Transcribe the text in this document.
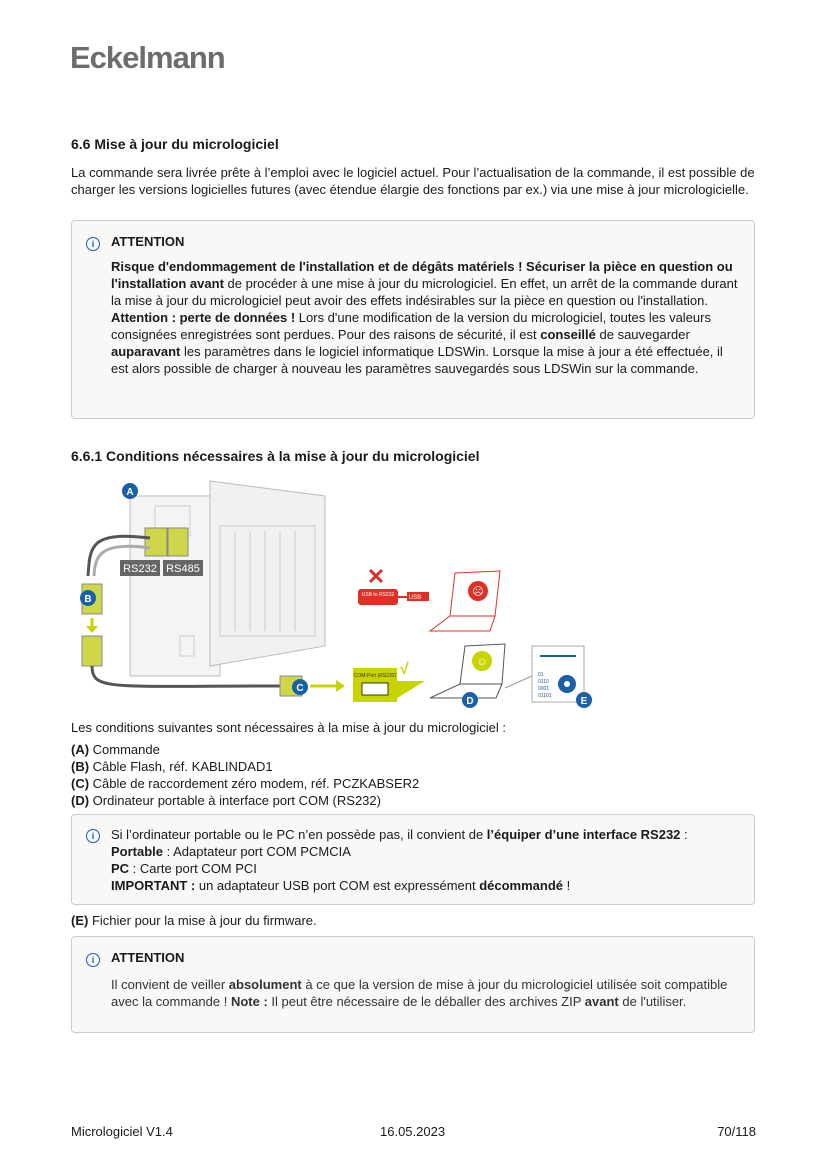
Eckelmann
6.6 Mise à jour du micrologiciel

La commande sera livrée prête à l’emploi avec le logiciel actuel. Pour l’actualisation de la commande, il est possible de charger les versions logicielles futures (avec étendue élargie des fonctions par ex.) via une mise à jour micrologicielle.

i	ATTENTION
Risque d'endommagement de l'installation et de dégâts matériels ! Sécuriser la pièce en question ou l'installation avant de procéder à une mise à jour du micrologiciel. En effet, un arrêt de la commande durant la mise à jour du micrologiciel peut avoir des effets indésirables sur la pièce en question ou l'installation.
Attention : perte de données ! Lors d'une modification de la version du micrologiciel, toutes les valeurs consignées enregistrées sont perdues. Pour des raisons de sécurité, il est conseillé de sauvegarder auparavant les paramètres dans le logiciel informatique LDSWin. Lorsque la mise à jour a été effectuée, il est alors possible de charger à nouveau les paramètres sauvegardés sous LDSWin sur la commande.
6.6.1 Conditions nécessaires à la mise à jour du micrologiciel
RS232 RS485
COM-Port (RS232) √
✕
USB to RS232 USB	☹
☺
01
0110
0001
01101
A
B
C
D	E

Les conditions suivantes sont nécessaires à la mise à jour du micrologiciel :

(A) Commande
(B) Câble Flash, réf. KABLINDAD1
(C) Câble de raccordement zéro modem, réf. PCZKABSER2
(D) Ordinateur portable à interface port COM (RS232)
i	Si l’ordinateur portable ou le PC n’en possède pas, il convient de l’équiper d’une interface RS232 :
Portable : Adaptateur port COM PCMCIA
PC : Carte port COM PCI
IMPORTANT : un adaptateur USB port COM est expressément décommandé !
(E) Fichier pour la mise à jour du firmware.
i	ATTENTION
Il convient de veiller absolument à ce que la version de mise à jour du micrologiciel utilisée soit compatible avec la commande ! Note : Il peut être nécessaire de le déballer des archives ZIP avant de l'utiliser.
Micrologiciel V1.4	16.05.2023	70/118
